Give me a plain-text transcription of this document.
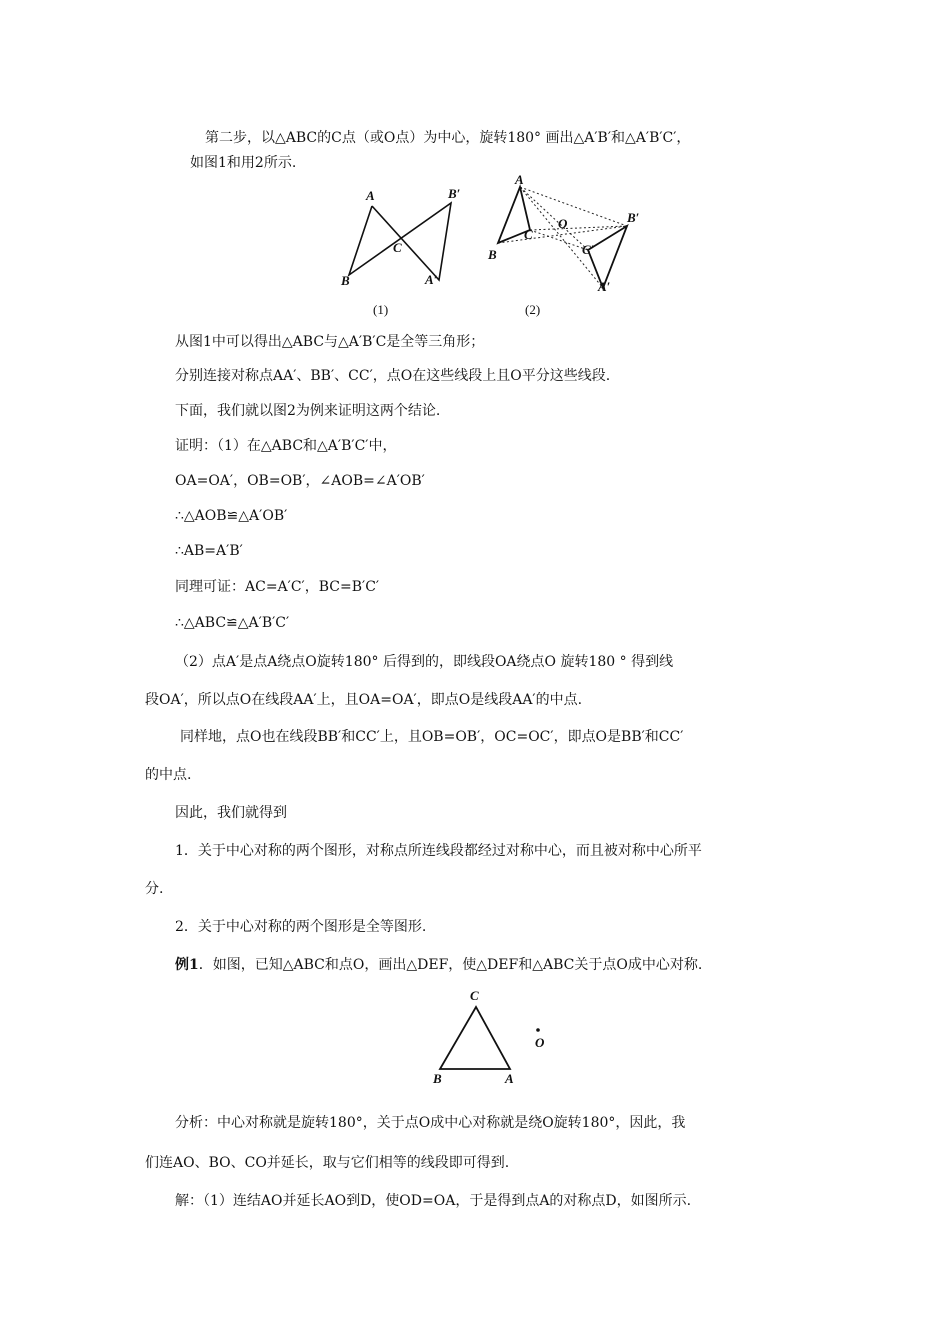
第二步，以△ABC的C点（或O点）为中心，旋转180° 画出△A′B′和△A′B′C′，
如图1和用2所示.
A	B′
C
B	A′
(1)
A
O	B′
C
C′
B
A′
(2)
从图1中可以得出△ABC与△A′B′C是全等三角形；
分别连接对称点AA′、BB′、CC′，点O在这些线段上且O平分这些线段.
下面，我们就以图2为例来证明这两个结论.
证明：（1）在△ABC和△A′B′C′中，
OA=OA′，OB=OB′，∠AOB=∠A′OB′
∴△AOB≌△A′OB′
∴AB=A′B′
同理可证：AC=A′C′，BC=B′C′
∴△ABC≌△A′B′C′
（2）点A′是点A绕点O旋转180° 后得到的，即线段OA绕点O 旋转180 ° 得到线
段OA′，所以点O在线段AA′上，且OA=OA′，即点O是线段AA′的中点.
同样地，点O也在线段BB′和CC′上，且OB=OB′，OC=OC′，即点O是BB′和CC′
的中点.
因此，我们就得到
1．关于中心对称的两个图形，对称点所连线段都经过对称中心，而且被对称中心所平
分.
2．关于中心对称的两个图形是全等图形.
例1．如图，已知△ABC和点O，画出△DEF，使△DEF和△ABC关于点O成中心对称.
C
O
B	A
分析：中心对称就是旋转180°，关于点O成中心对称就是绕O旋转180°，因此，我
们连AO、BO、CO并延长，取与它们相等的线段即可得到.
解：（1）连结AO并延长AO到D，使OD=OA，于是得到点A的对称点D，如图所示.
